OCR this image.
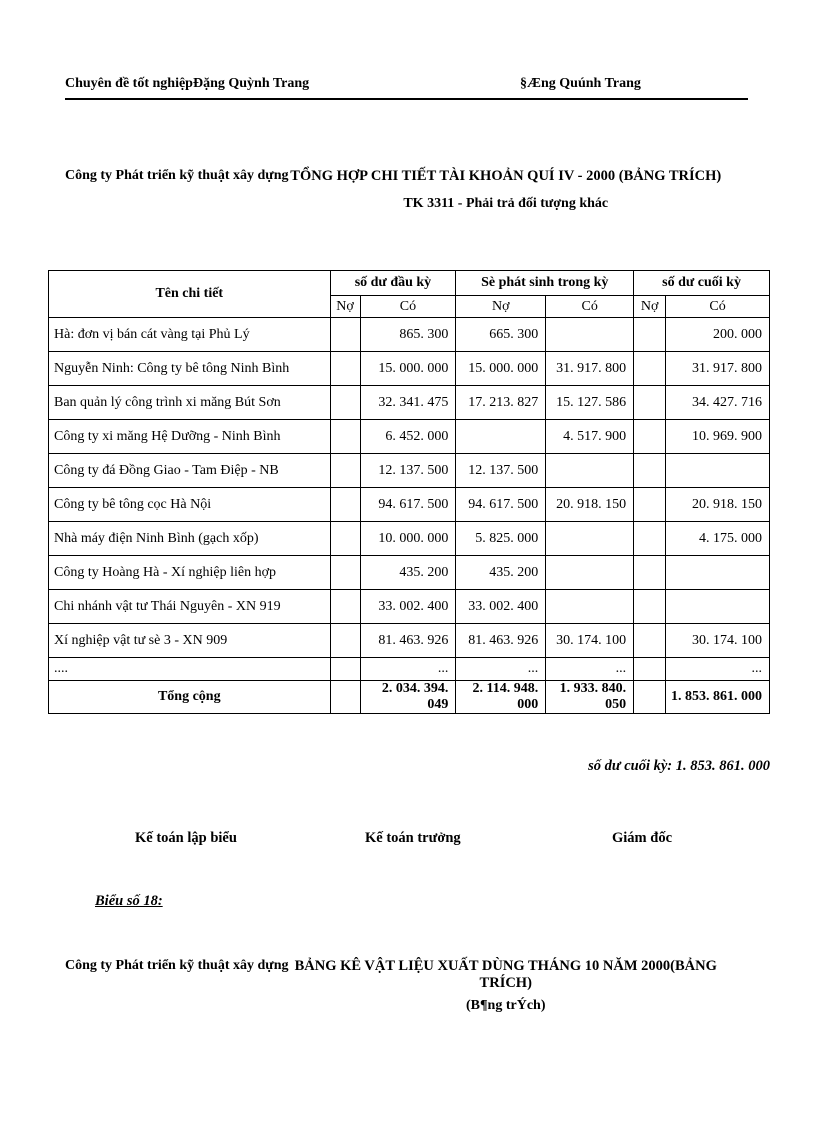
Chuyên đề tốt nghiệpĐặng Quỳnh Trang	§Æng Quúnh Trang
Công ty Phát triển kỹ thuật xây dựng TỔNG HỢP CHI TIẾT TÀI KHOẢN QUÍ IV - 2000 (BẢNG TRÍCH)
TK 3311 - Phải trả đối tượng khác
Tên chi tiết	số dư đầu kỳ		Sè phát sinh trong kỳ		số dư cuối kỳ	
	Nợ	Có	Nợ	Có	Nợ	Có
Hà: đơn vị bán cát vàng tại Phủ Lý		865. 300	665. 300			200. 000
Nguyễn Ninh: Công ty bê tông Ninh Bình		15. 000. 000	15. 000. 000	31. 917. 800		31. 917. 800
Ban quản lý công trình xi măng Bút Sơn		32. 341. 475	17. 213. 827	15. 127. 586		34. 427. 716
Công ty xi măng Hệ Dưỡng - Ninh Bình		6. 452. 000		4. 517. 900		10. 969. 900
Công ty đá Đồng Giao - Tam Điệp - NB		12. 137. 500	12. 137. 500			
Công ty bê tông cọc Hà Nội		94. 617. 500	94. 617. 500	20. 918. 150		20. 918. 150
Nhà máy điện Ninh Bình (gạch xốp)		10. 000. 000	5. 825. 000			4. 175. 000
Công ty Hoàng Hà - Xí nghiệp liên hợp		435. 200	435. 200			
Chi nhánh vật tư Thái Nguyên - XN 919		33. 002. 400	33. 002. 400			
Xí nghiệp vật tư sè 3 - XN 909		81. 463. 926	81. 463. 926	30. 174. 100		30. 174. 100
....		...	...	...		...
Tổng cộng		2. 034. 394. 049	2. 114. 948. 000	1. 933. 840. 050		1. 853. 861. 000
số dư cuối kỳ: 1. 853. 861. 000
Kế toán lập biểu	Kế toán trưởng	Giám đốc
Biểu số 18:
Công ty Phát triển kỹ thuật xây dựng BẢNG KÊ VẬT LIỆU XUẤT DÙNG THÁNG 10 NĂM 2000(BẢNG TRÍCH)
(B¶ng trÝch)
